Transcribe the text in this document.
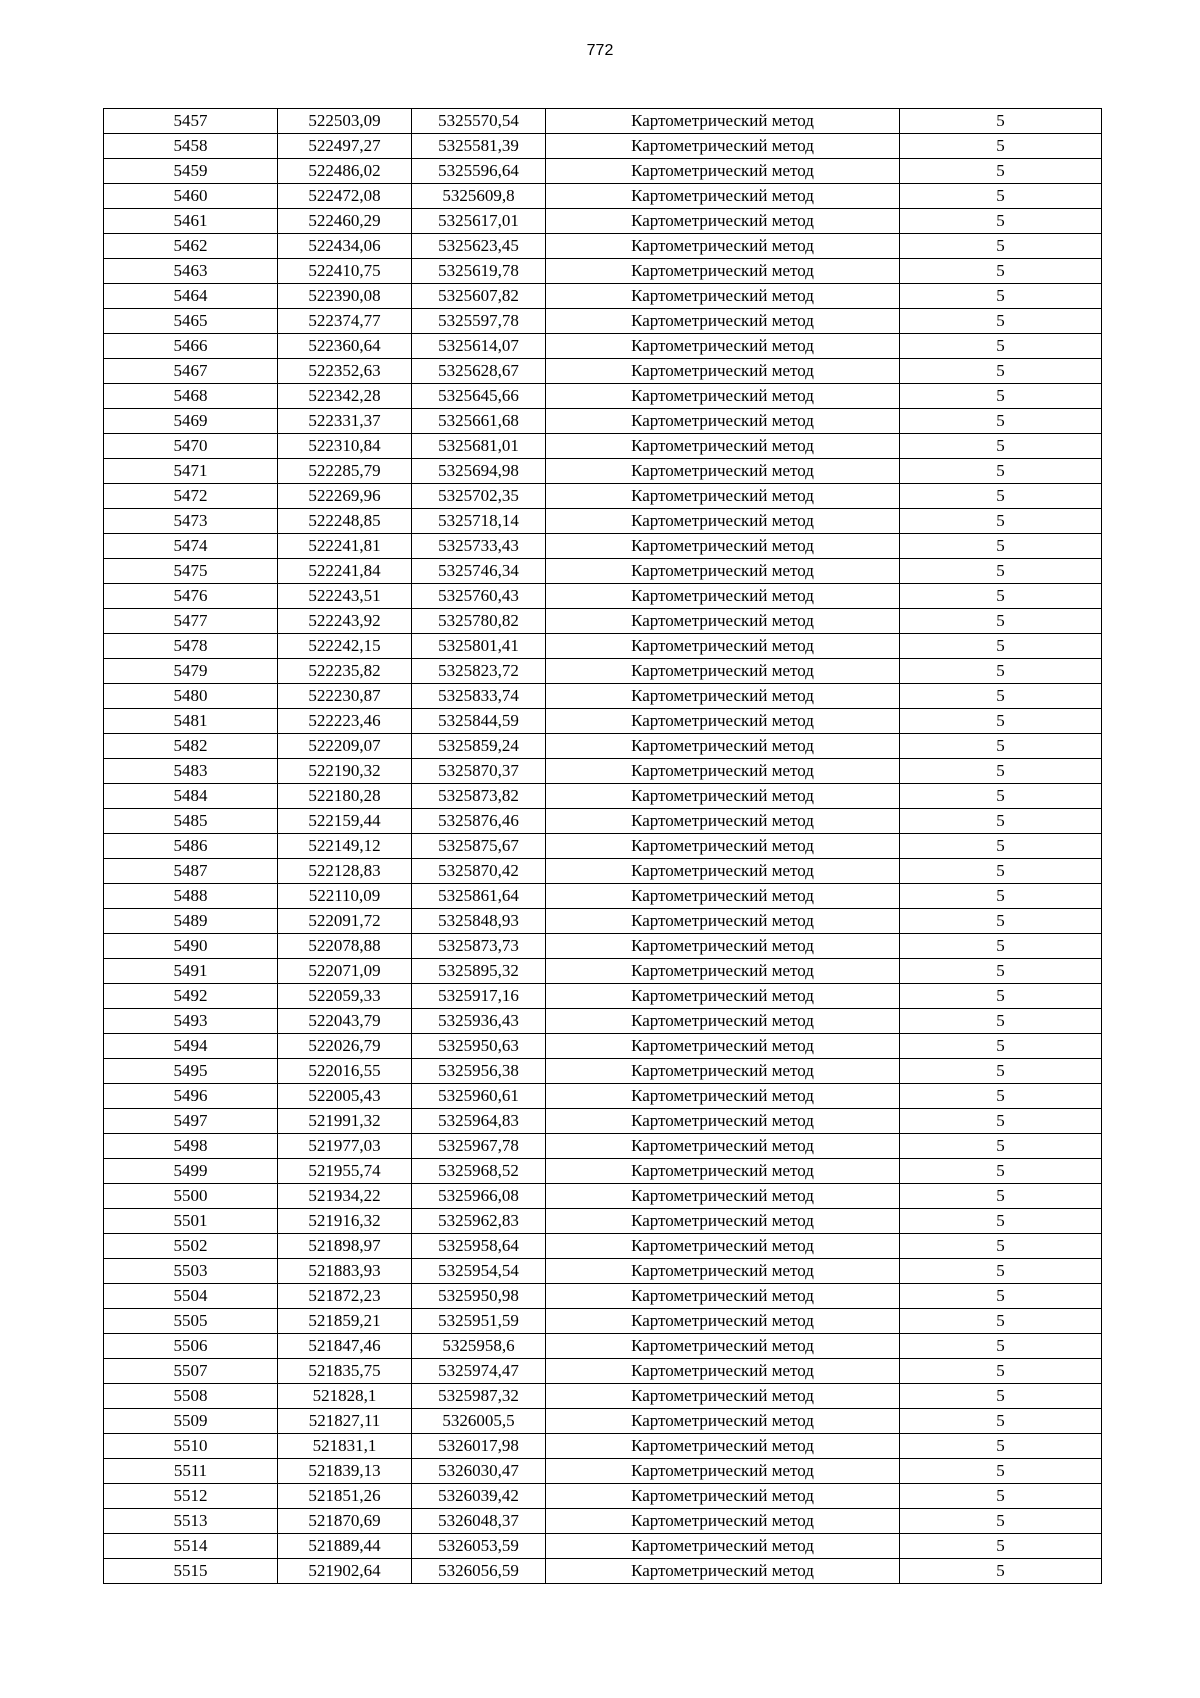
772
5457	522503,09	5325570,54	Картометрический метод	5
5458	522497,27	5325581,39	Картометрический метод	5
5459	522486,02	5325596,64	Картометрический метод	5
5460	522472,08	5325609,8	Картометрический метод	5
5461	522460,29	5325617,01	Картометрический метод	5
5462	522434,06	5325623,45	Картометрический метод	5
5463	522410,75	5325619,78	Картометрический метод	5
5464	522390,08	5325607,82	Картометрический метод	5
5465	522374,77	5325597,78	Картометрический метод	5
5466	522360,64	5325614,07	Картометрический метод	5
5467	522352,63	5325628,67	Картометрический метод	5
5468	522342,28	5325645,66	Картометрический метод	5
5469	522331,37	5325661,68	Картометрический метод	5
5470	522310,84	5325681,01	Картометрический метод	5
5471	522285,79	5325694,98	Картометрический метод	5
5472	522269,96	5325702,35	Картометрический метод	5
5473	522248,85	5325718,14	Картометрический метод	5
5474	522241,81	5325733,43	Картометрический метод	5
5475	522241,84	5325746,34	Картометрический метод	5
5476	522243,51	5325760,43	Картометрический метод	5
5477	522243,92	5325780,82	Картометрический метод	5
5478	522242,15	5325801,41	Картометрический метод	5
5479	522235,82	5325823,72	Картометрический метод	5
5480	522230,87	5325833,74	Картометрический метод	5
5481	522223,46	5325844,59	Картометрический метод	5
5482	522209,07	5325859,24	Картометрический метод	5
5483	522190,32	5325870,37	Картометрический метод	5
5484	522180,28	5325873,82	Картометрический метод	5
5485	522159,44	5325876,46	Картометрический метод	5
5486	522149,12	5325875,67	Картометрический метод	5
5487	522128,83	5325870,42	Картометрический метод	5
5488	522110,09	5325861,64	Картометрический метод	5
5489	522091,72	5325848,93	Картометрический метод	5
5490	522078,88	5325873,73	Картометрический метод	5
5491	522071,09	5325895,32	Картометрический метод	5
5492	522059,33	5325917,16	Картометрический метод	5
5493	522043,79	5325936,43	Картометрический метод	5
5494	522026,79	5325950,63	Картометрический метод	5
5495	522016,55	5325956,38	Картометрический метод	5
5496	522005,43	5325960,61	Картометрический метод	5
5497	521991,32	5325964,83	Картометрический метод	5
5498	521977,03	5325967,78	Картометрический метод	5
5499	521955,74	5325968,52	Картометрический метод	5
5500	521934,22	5325966,08	Картометрический метод	5
5501	521916,32	5325962,83	Картометрический метод	5
5502	521898,97	5325958,64	Картометрический метод	5
5503	521883,93	5325954,54	Картометрический метод	5
5504	521872,23	5325950,98	Картометрический метод	5
5505	521859,21	5325951,59	Картометрический метод	5
5506	521847,46	5325958,6	Картометрический метод	5
5507	521835,75	5325974,47	Картометрический метод	5
5508	521828,1	5325987,32	Картометрический метод	5
5509	521827,11	5326005,5	Картометрический метод	5
5510	521831,1	5326017,98	Картометрический метод	5
5511	521839,13	5326030,47	Картометрический метод	5
5512	521851,26	5326039,42	Картометрический метод	5
5513	521870,69	5326048,37	Картометрический метод	5
5514	521889,44	5326053,59	Картометрический метод	5
5515	521902,64	5326056,59	Картометрический метод	5
